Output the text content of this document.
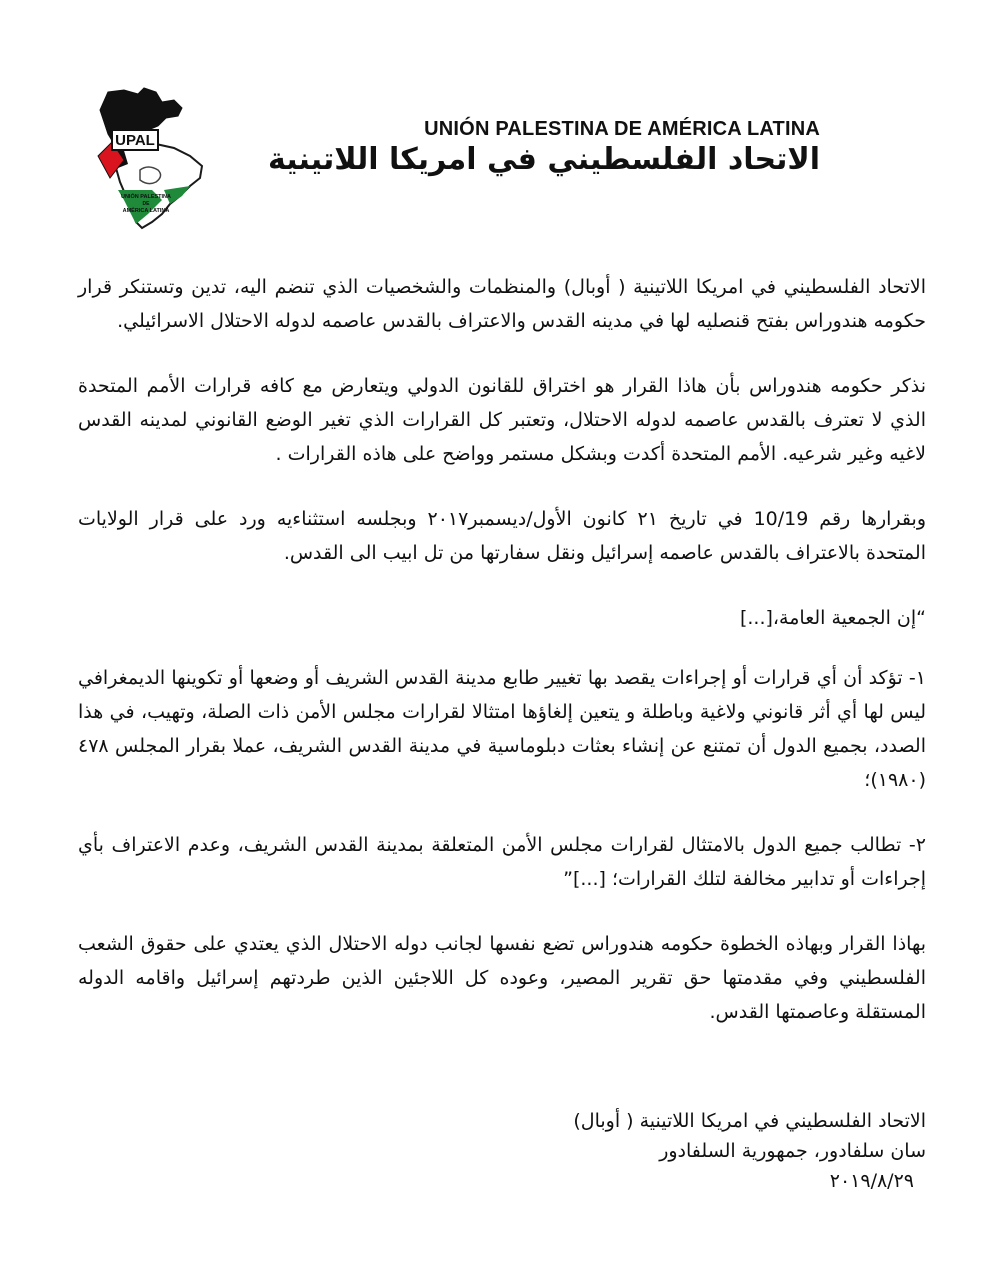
UPAL
UNIÓN PALESTINA
DE
AMÉRICA LATINA
UNIÓN PALESTINA DE AMÉRICA LATINA
الاتحاد الفلسطيني في امريكا اللاتينية

الاتحاد الفلسطيني في امريكا اللاتينية ( أوبال) والمنظمات والشخصيات الذي تنضم اليه، تدين وتستنكر قرار حكومه هندوراس بفتح قنصليه لها في مدينه القدس والاعتراف بالقدس عاصمه لدوله الاحتلال الاسرائيلي.

نذكر حكومه هندوراس بأن هاذا القرار هو اختراق للقانون الدولي ويتعارض مع كافه قرارات الأمم المتحدة الذي لا تعترف بالقدس عاصمه لدوله الاحتلال، وتعتبر كل القرارات الذي تغير الوضع القانوني لمدينه القدس لاغيه وغير شرعيه. الأمم المتحدة أكدت وبشكل مستمر وواضح على هاذه القرارات .

وبقرارها رقم 10/19 في تاريخ ٢١ كانون الأول/ديسمبر٢٠١٧ وبجلسه استثناءيه ورد على قرار الولايات المتحدة بالاعتراف بالقدس عاصمه إسرائيل ونقل سفارتها من تل ابيب الى القدس.

“إن الجمعية العامة،[...]

١- تؤكد أن أي قرارات أو إجراءات يقصد بها تغيير طابع مدينة القدس الشريف أو وضعها أو تكوينها الديمغرافي ليس لها أي أثر قانوني ولاغية وباطلة و يتعين إلغاؤها امتثالا لقرارات مجلس الأمن ذات الصلة، وتهيب، في هذا الصدد، بجميع الدول أن تمتنع عن إنشاء بعثات دبلوماسية في مدينة القدس الشريف، عملا بقرار المجلس ٤٧٨ (١٩٨٠)؛

٢- تطالب جميع الدول بالامتثال لقرارات مجلس الأمن المتعلقة بمدينة القدس الشريف، وعدم الاعتراف بأي إجراءات أو تدابير مخالفة لتلك القرارات؛ [...]”

بهاذا القرار وبهاذه الخطوة حكومه هندوراس تضع نفسها لجانب دوله الاحتلال الذي يعتدي على حقوق الشعب الفلسطيني وفي مقدمتها حق تقرير المصير، وعوده كل اللاجئين الذين طردتهم إسرائيل واقامه الدوله المستقلة وعاصمتها القدس.

الاتحاد الفلسطيني في امريكا اللاتينية ( أوبال)
سان سلفادور، جمهورية السلفادور
٢٠١٩/٨/٢٩
